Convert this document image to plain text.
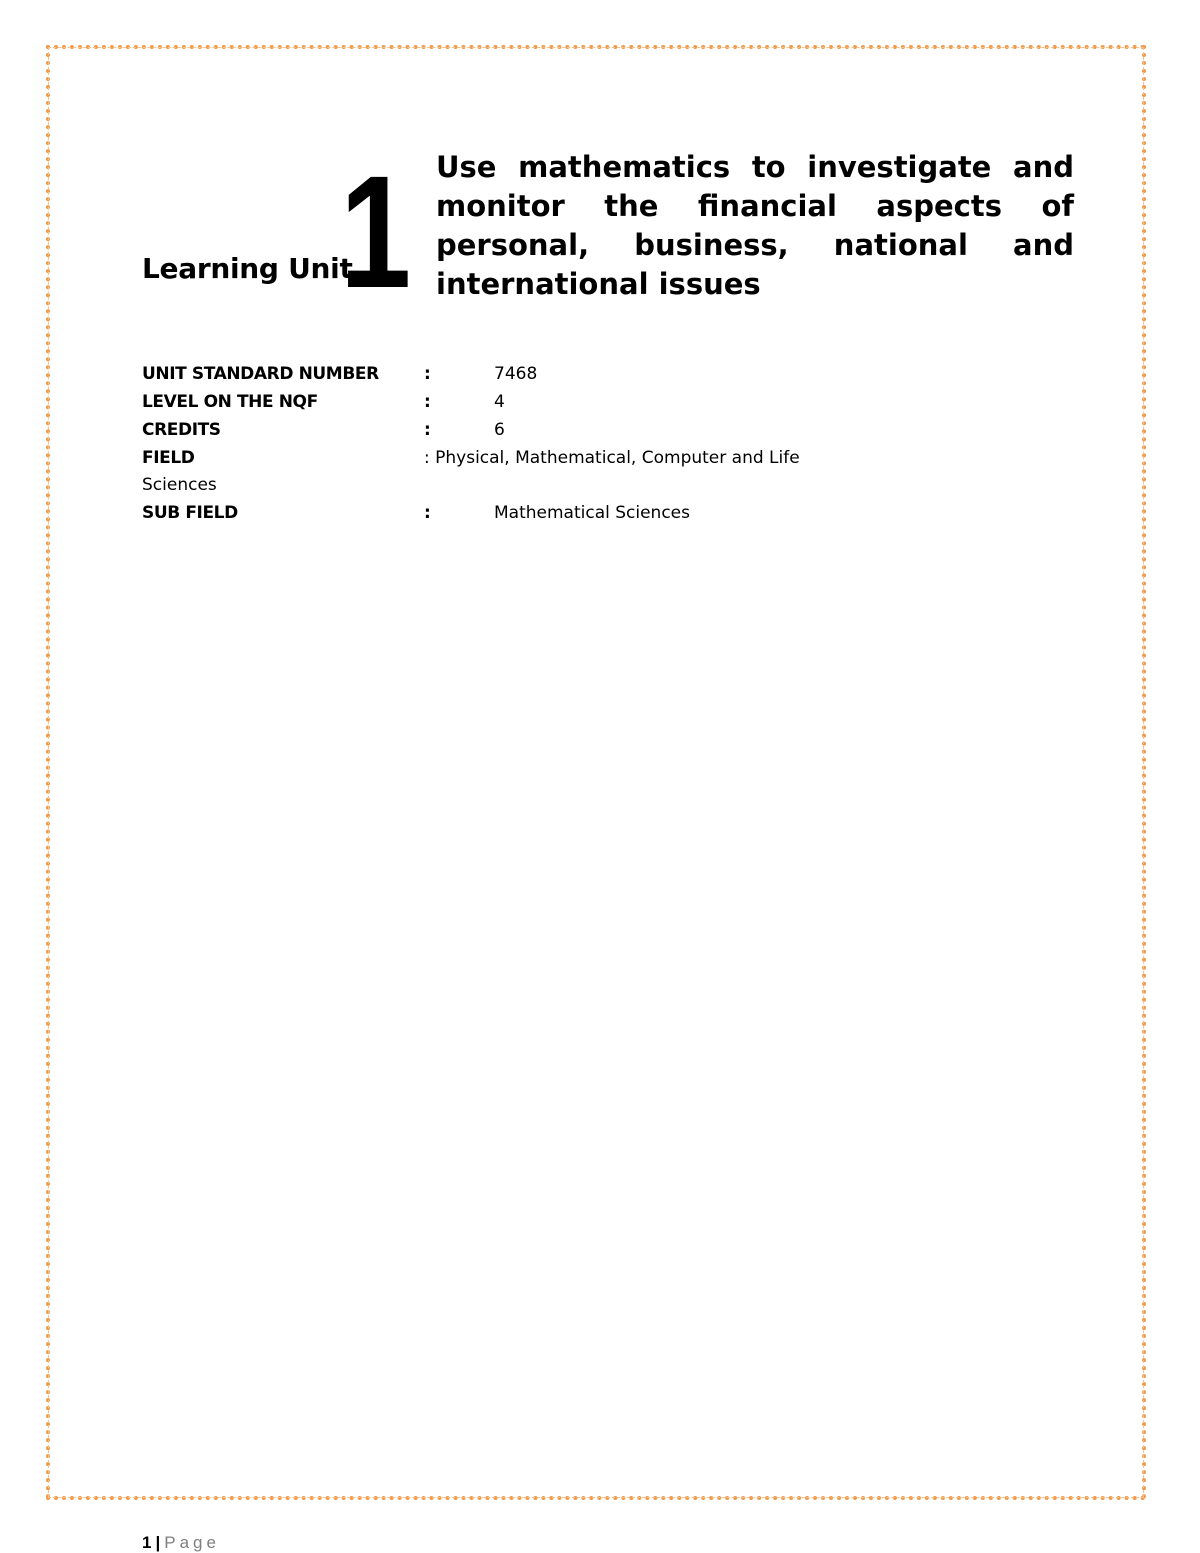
Learning Unit
1 Use mathematics to investigate and monitor the financial aspects of personal, business, national and international issues
UNIT STANDARD NUMBER	:	7468
LEVEL ON THE NQF	:	4
CREDITS	:	6
FIELD	: Physical, Mathematical, Computer and Life
Sciences
SUB FIELD	:	Mathematical Sciences
1 | Page
